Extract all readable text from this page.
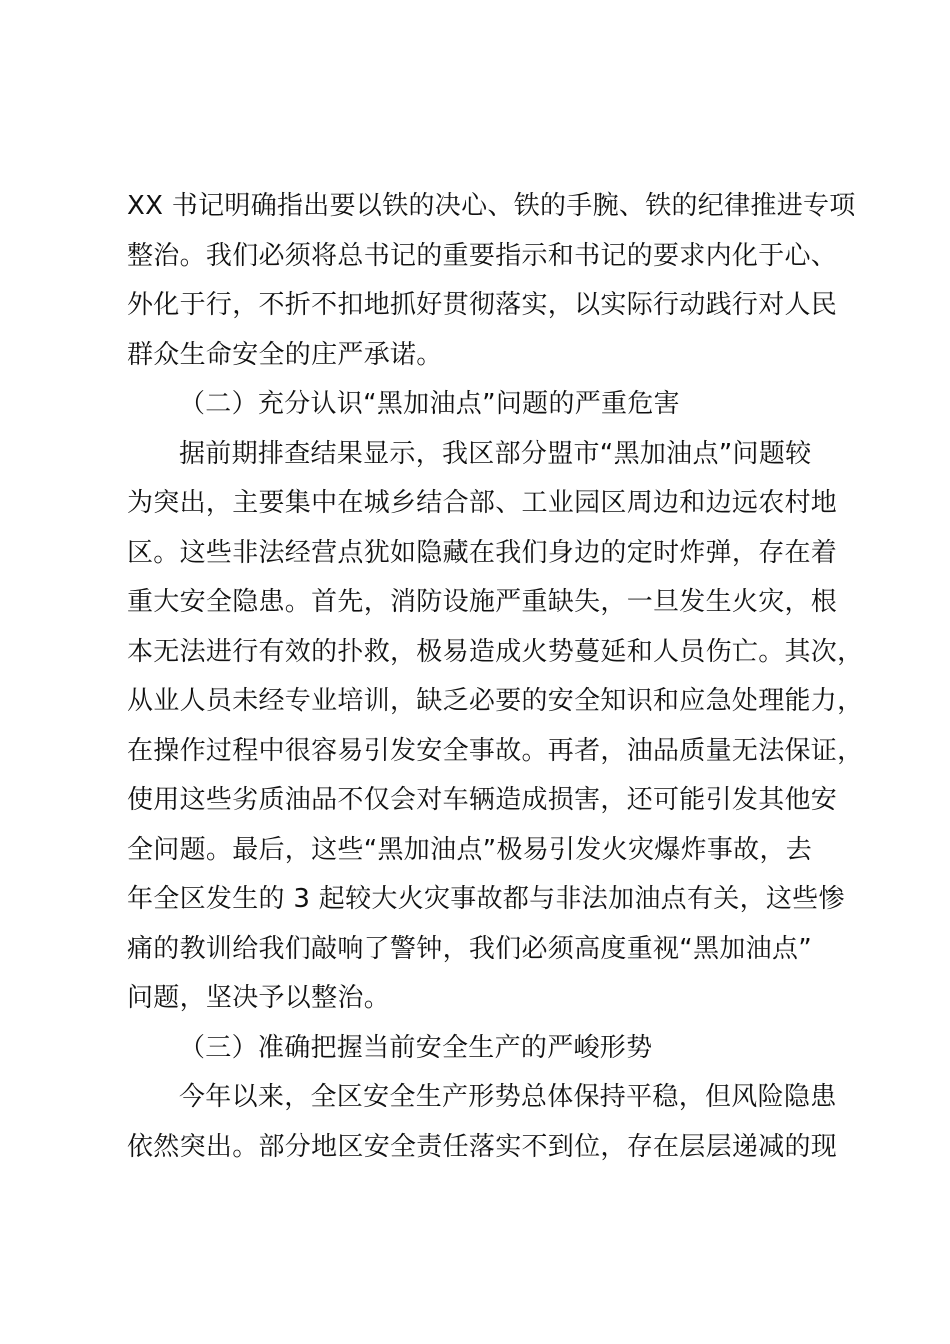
XX 书记明确指出要以铁的决心、铁的手腕、铁的纪律推进专项
整治。我们必须将总书记的重要指示和书记的要求内化于心、
外化于行，不折不扣地抓好贯彻落实，以实际行动践行对人民
群众生命安全的庄严承诺。
（二）充分认识“黑加油点”问题的严重危害
据前期排查结果显示，我区部分盟市“黑加油点”问题较
为突出，主要集中在城乡结合部、工业园区周边和边远农村地
区。这些非法经营点犹如隐藏在我们身边的定时炸弹，存在着
重大安全隐患。首先，消防设施严重缺失，一旦发生火灾，根
本无法进行有效的扑救，极易造成火势蔓延和人员伤亡。其次，
从业人员未经专业培训，缺乏必要的安全知识和应急处理能力，
在操作过程中很容易引发安全事故。再者，油品质量无法保证，
使用这些劣质油品不仅会对车辆造成损害，还可能引发其他安
全问题。最后，这些“黑加油点”极易引发火灾爆炸事故，去
年全区发生的 3 起较大火灾事故都与非法加油点有关，这些惨
痛的教训给我们敲响了警钟，我们必须高度重视“黑加油点”
问题，坚决予以整治。
（三）准确把握当前安全生产的严峻形势
今年以来，全区安全生产形势总体保持平稳，但风险隐患
依然突出。部分地区安全责任落实不到位，存在层层递减的现
